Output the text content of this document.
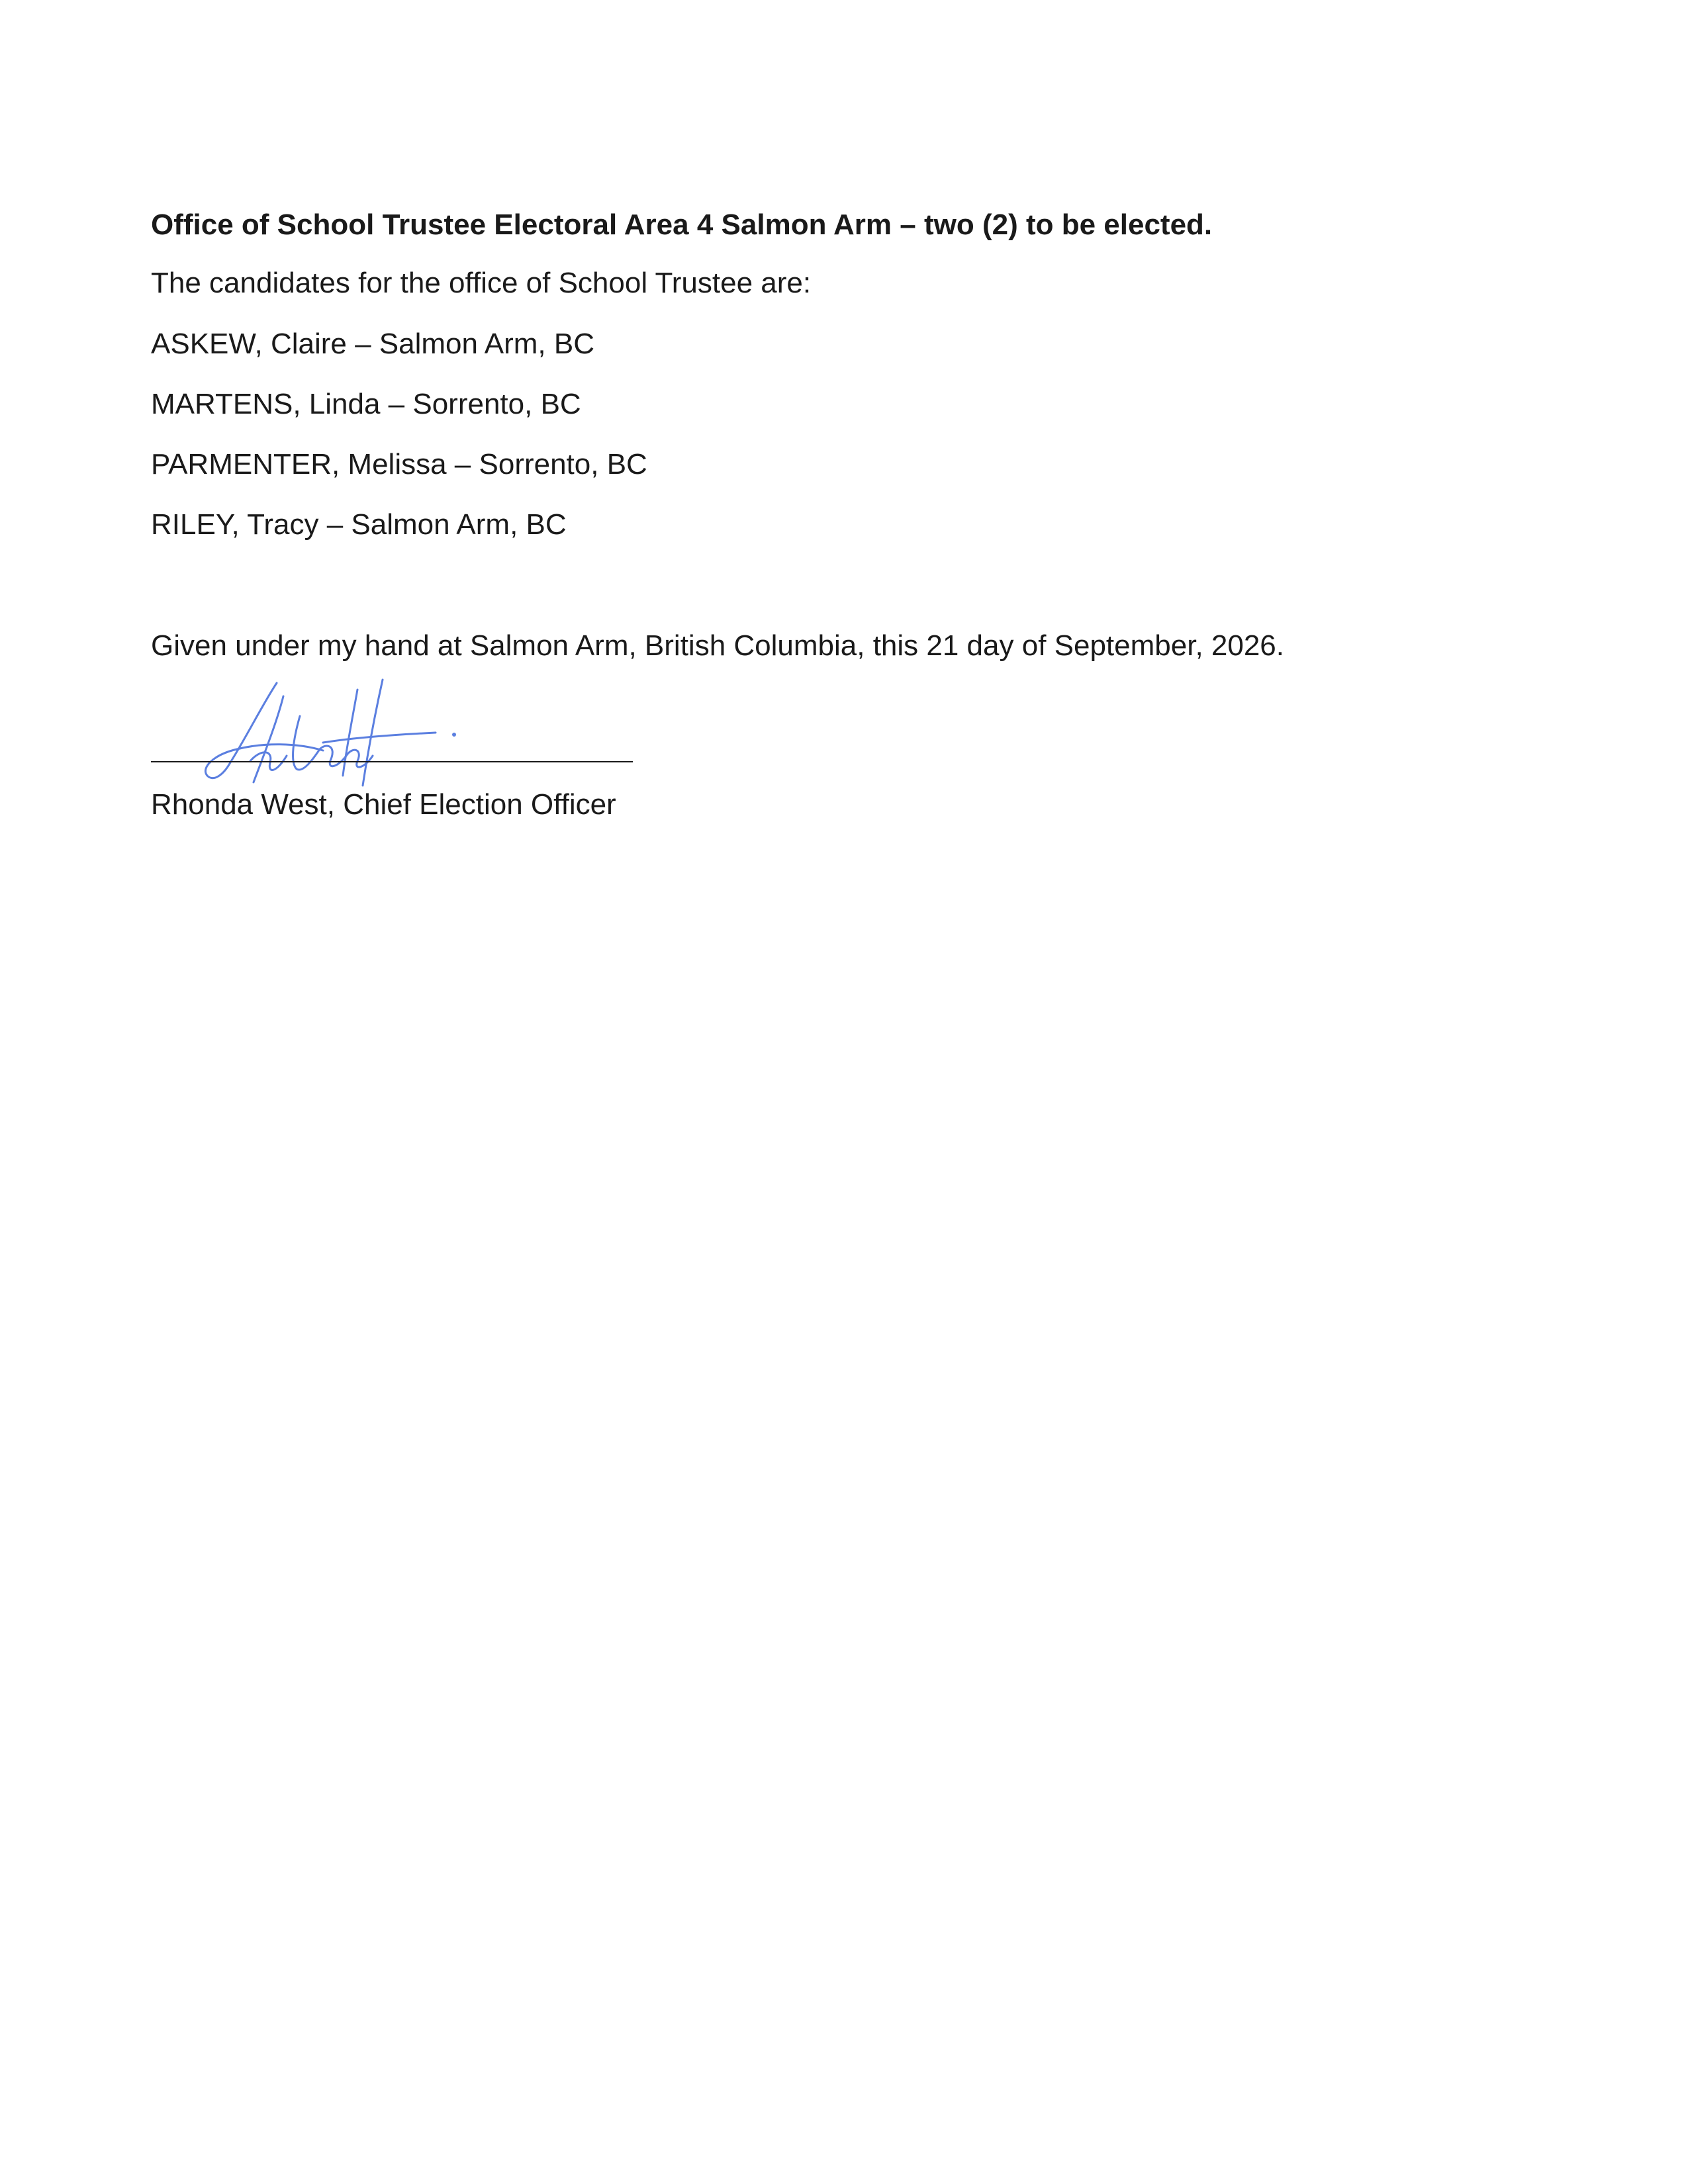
Office of School Trustee Electoral Area 4 Salmon Arm – two (2) to be elected.

The candidates for the office of School Trustee are:

ASKEW, Claire – Salmon Arm, BC
MARTENS, Linda – Sorrento, BC
PARMENTER, Melissa – Sorrento, BC
RILEY, Tracy – Salmon Arm, BC

Given under my hand at Salmon Arm, British Columbia, this 21 day of September, 2026.

Rhonda West, Chief Election Officer
